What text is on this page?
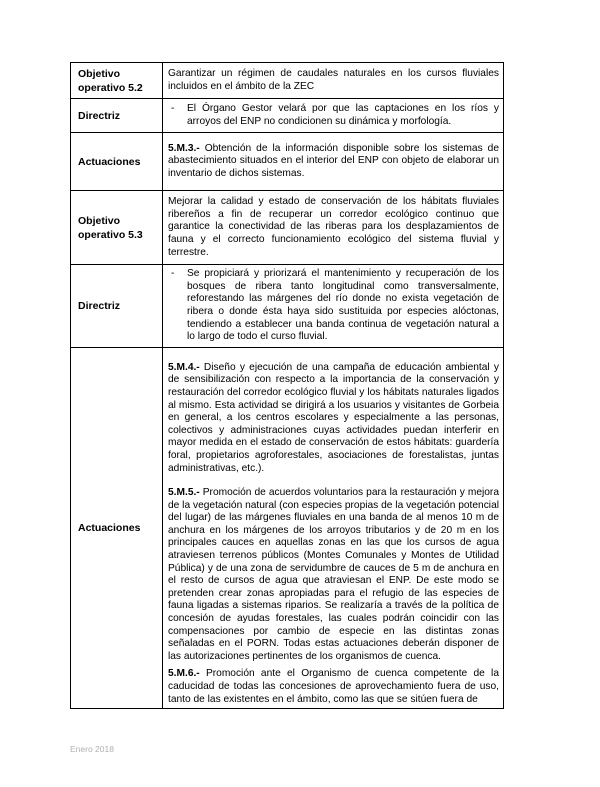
Objetivo operativo 5.2	Garantizar un régimen de caudales naturales en los cursos fluviales incluidos en el ámbito de la ZEC
Directriz	- El Órgano Gestor velará por que las captaciones en los ríos y arroyos del ENP no condicionen su dinámica y morfología.

Actuaciones	5.M.3.- Obtención de la información disponible sobre los sistemas de abastecimiento situados en el interior del ENP con objeto de elaborar un inventario de dichos sistemas.
Objetivo operativo 5.3	Mejorar la calidad y estado de conservación de los hábitats fluviales ribereños a fin de recuperar un corredor ecológico continuo que garantice la conectividad de las riberas para los desplazamientos de fauna y el correcto funcionamiento ecológico del sistema fluvial y terrestre.
Directriz	- Se propiciará y priorizará el mantenimiento y recuperación de los bosques de ribera tanto longitudinal como transversalmente, reforestando las márgenes del río donde no exista vegetación de ribera o donde ésta haya sido sustituida por especies alóctonas, tendiendo a establecer una banda continua de vegetación natural a lo largo de todo el curso fluvial.

Actuaciones	5.M.4.- Diseño y ejecución de una campaña de educación ambiental y de sensibilización con respecto a la importancia de la conservación y restauración del corredor ecológico fluvial y los hábitats naturales ligados al mismo. Esta actividad se dirigirá a los usuarios y visitantes de Gorbeia en general, a los centros escolares y especialmente a las personas, colectivos y administraciones cuyas actividades puedan interferir en mayor medida en el estado de conservación de estos hábitats: guardería foral, propietarios agroforestales, asociaciones de forestalistas, juntas administrativas, etc.).

5.M.5.- Promoción de acuerdos voluntarios para la restauración y mejora de la vegetación natural (con especies propias de la vegetación potencial del lugar) de las márgenes fluviales en una banda de al menos 10 m de anchura en los márgenes de los arroyos tributarios y de 20 m en los principales cauces en aquellas zonas en las que los cursos de agua atraviesen terrenos públicos (Montes Comunales y Montes de Utilidad Pública) y de una zona de servidumbre de cauces de 5 m de anchura en el resto de cursos de agua que atraviesan el ENP. De este modo se pretenden crear zonas apropiadas para el refugio de las especies de fauna ligadas a sistemas riparios. Se realizaría a través de la política de concesión de ayudas forestales, las cuales podrán coincidir con las compensaciones por cambio de especie en las distintas zonas señaladas en el PORN. Todas estas actuaciones deberán disponer de las autorizaciones pertinentes de los organismos de cuenca.

5.M.6.- Promoción ante el Organismo de cuenca competente de la caducidad de todas las concesiones de aprovechamiento fuera de uso, tanto de las existentes en el ámbito, como las que se sitúen fuera de

Enero 2018
